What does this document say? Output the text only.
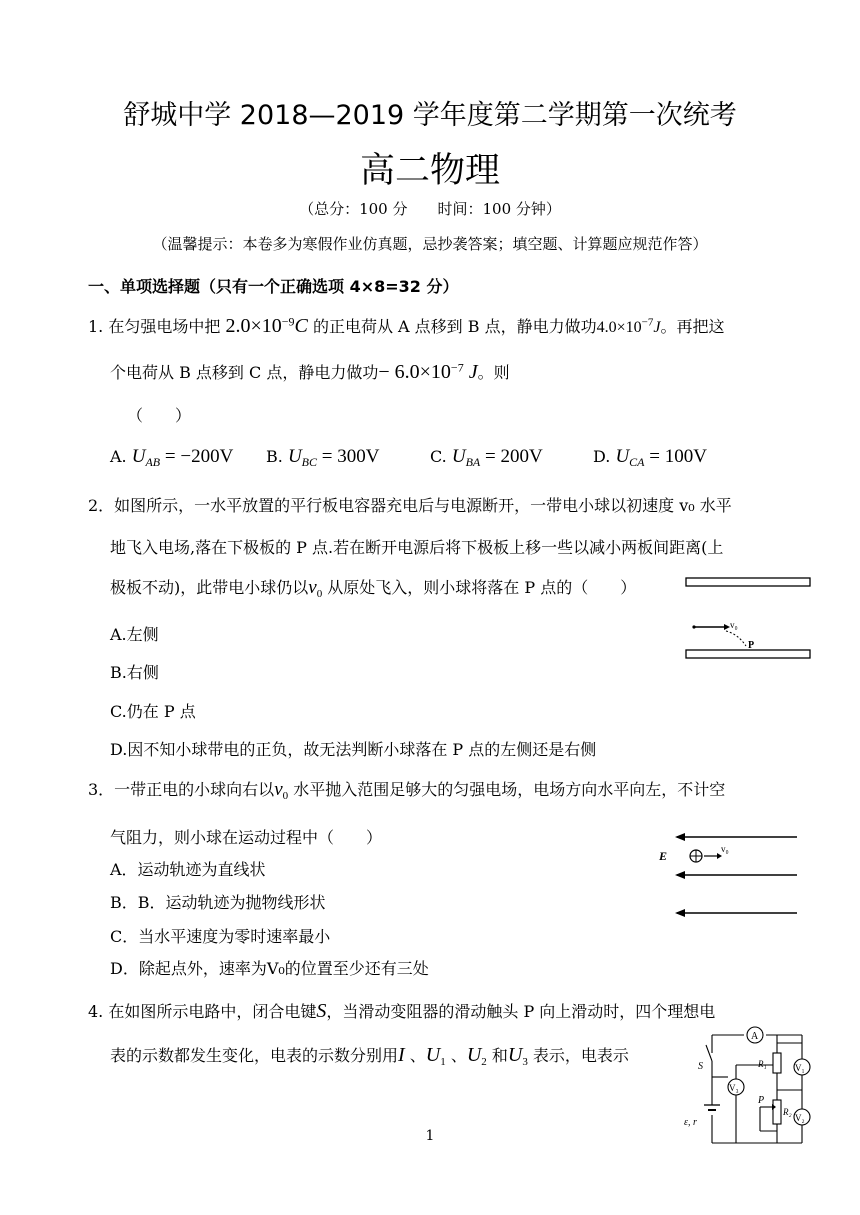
舒城中学 2018—2019 学年度第二学期第一次统考
高二物理
（总分：100 分　　时间：100 分钟）
（温馨提示：本卷多为寒假作业仿真题，忌抄袭答案；填空题、计算题应规范作答）
一、单项选择题（只有一个正确选项 4×8=32 分）
1. 在匀强电场中把 $2.0\times 10^{-9}C$ 的正电荷从 A 点移到 B 点，静电力做功$4.0\times 10^{-7}J$。再把这
个电荷从 B 点移到 C 点，静电力做功− $6.0\times 10^{-7}$ J。则
（　　）
A. $U_{AB} = -200V$ B. $U_{BC} = 300V$	C. $U_{BA} = 200V$	D. $U_{CA} = 100V$
2．如图所示，一水平放置的平行板电容器充电后与电源断开，一带电小球以初速度 v₀ 水平
地飞入电场,落在下极板的 P 点.若在断开电源后将下极板上移一些以减小两板间距离(上
极板不动)，此带电小球仍以$v_0$ 从原处飞入，则小球将落在 P 点的（　　）
A.左侧
B.右侧
C.仍在 P 点
D.因不知小球带电的正负，故无法判断小球落在 P 点的左侧还是右侧
v₀
P
3．一带正电的小球向右以$v_0$ 水平抛入范围足够大的匀强电场，电场方向水平向左，不计空
气阻力，则小球在运动过程中（　　）
A．运动轨迹为直线状
B．B．运动轨迹为抛物线形状
C．当水平速度为零时速率最小
D．除起点外，速率为V₀的位置至少还有三处
E	v₀
4. 在如图所示电路中，闭合电键S，当滑动变阻器的滑动触头 P 向上滑动时，四个理想电
表的示数都发生变化，电表的示数分别用I 、$U_1$ 、$U_2$ 和$U_3$ 表示，电表示
S
ε, r
A
V₃
R₁
R₂
P
V₁
V₂
1
